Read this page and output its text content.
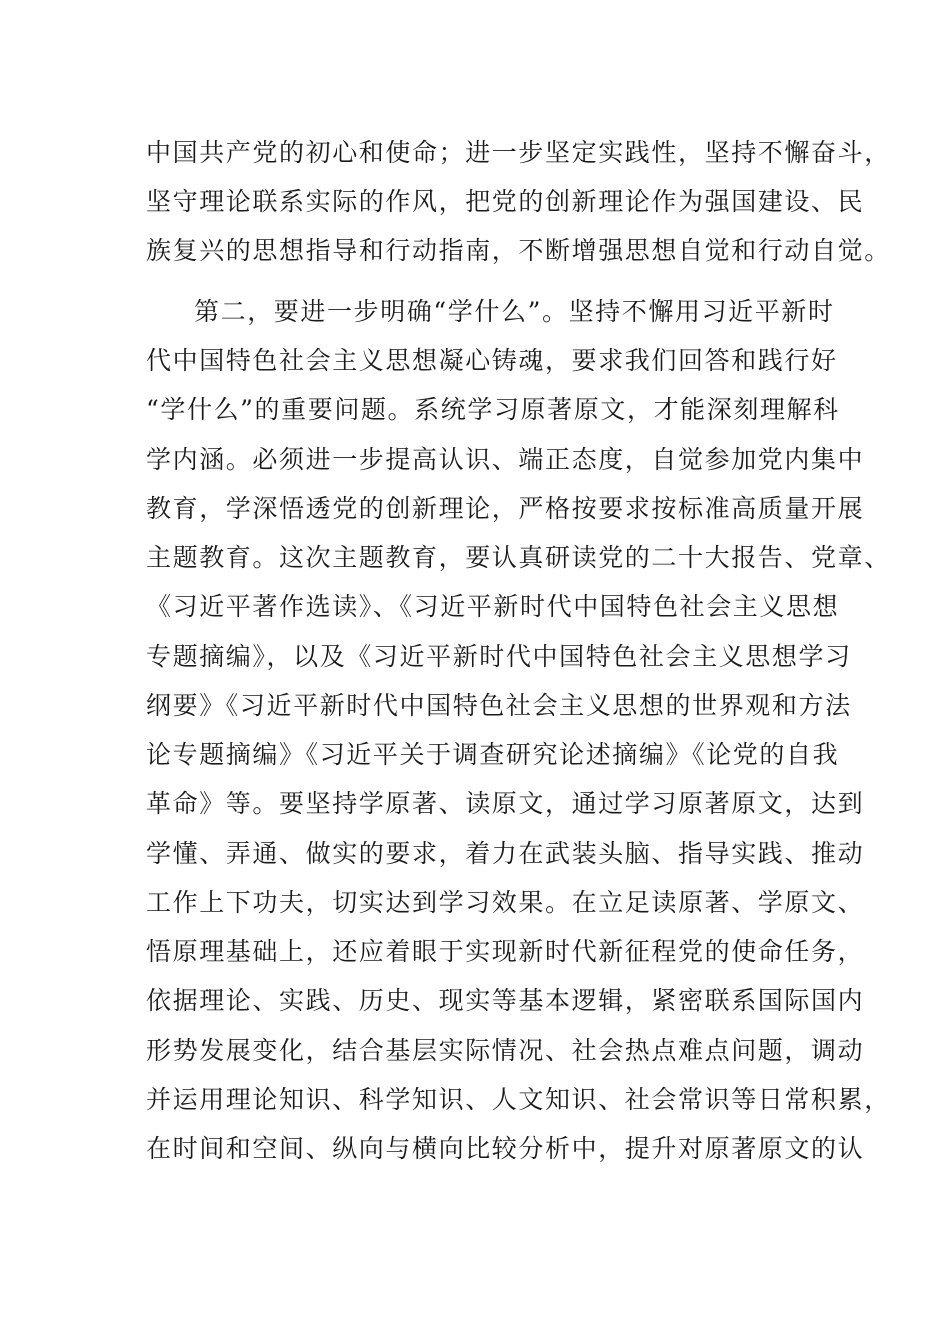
中国共产党的初心和使命；进一步坚定实践性，坚持不懈奋斗，
坚守理论联系实际的作风，把党的创新理论作为强国建设、民
族复兴的思想指导和行动指南，不断增强思想自觉和行动自觉。
第二，要进一步明确“学什么”。坚持不懈用习近平新时
代中国特色社会主义思想凝心铸魂，要求我们回答和践行好
“学什么”的重要问题。系统学习原著原文，才能深刻理解科
学内涵。必须进一步提高认识、端正态度，自觉参加党内集中
教育，学深悟透党的创新理论，严格按要求按标准高质量开展
主题教育。这次主题教育，要认真研读党的二十大报告、党章、
《习近平著作选读》、《习近平新时代中国特色社会主义思想
专题摘编》，以及《习近平新时代中国特色社会主义思想学习
纲要》《习近平新时代中国特色社会主义思想的世界观和方法
论专题摘编》《习近平关于调查研究论述摘编》《论党的自我
革命》等。要坚持学原著、读原文，通过学习原著原文，达到
学懂、弄通、做实的要求，着力在武装头脑、指导实践、推动
工作上下功夫，切实达到学习效果。在立足读原著、学原文、
悟原理基础上，还应着眼于实现新时代新征程党的使命任务，
依据理论、实践、历史、现实等基本逻辑，紧密联系国际国内
形势发展变化，结合基层实际情况、社会热点难点问题，调动
并运用理论知识、科学知识、人文知识、社会常识等日常积累，
在时间和空间、纵向与横向比较分析中，提升对原著原文的认
